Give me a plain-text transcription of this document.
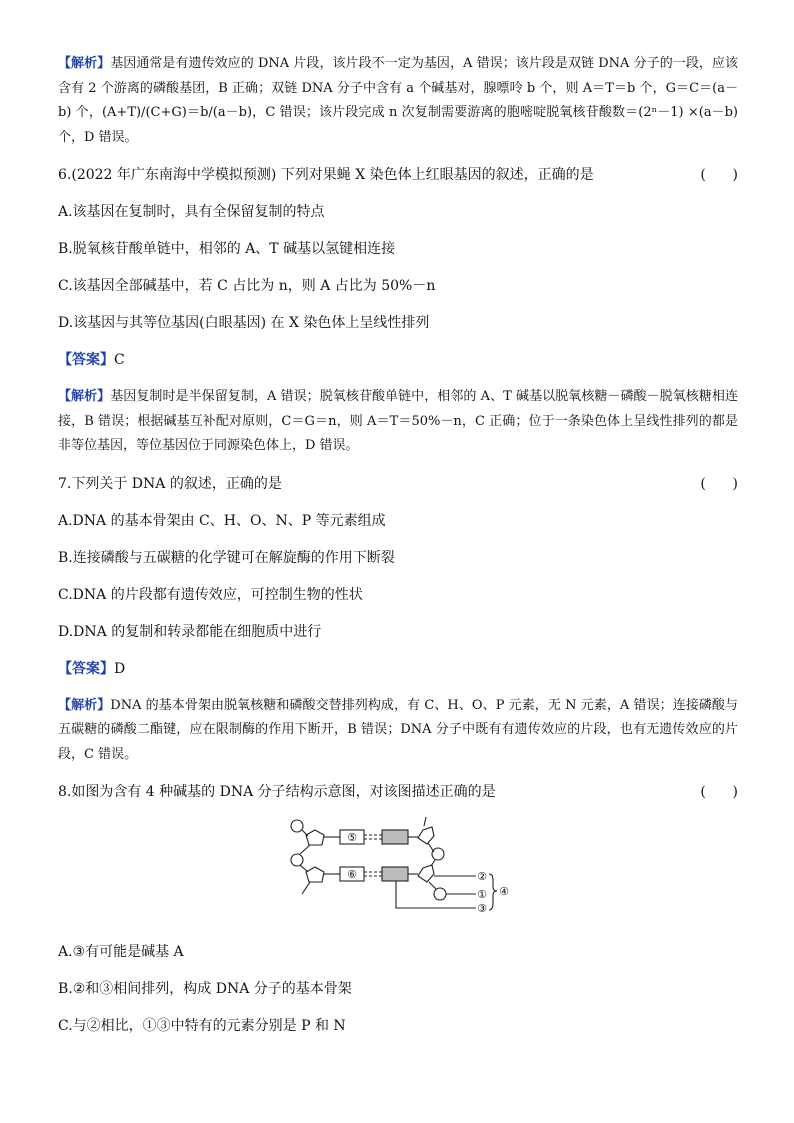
【解析】基因通常是有遗传效应的 DNA 片段，该片段不一定为基因，A 错误；该片段是双链 DNA 分子的一段，应该含有 2 个游离的磷酸基团，B 正确；双链 DNA 分子中含有 a 个碱基对，腺嘌呤 b 个，则 A＝T＝b 个，G＝C＝(a－b) 个，(A+T)/(C+G)＝b/(a－b)，C 错误；该片段完成 n 次复制需要游离的胞嘧啶脱氧核苷酸数＝(2ⁿ－1) ×(a－b) 个，D 错误。

6.(2022 年广东南海中学模拟预测) 下列对果蝇 X 染色体上红眼基因的叙述，正确的是	(      )

A.该基因在复制时，具有全保留复制的特点

B.脱氧核苷酸单链中，相邻的 A、T 碱基以氢键相连接

C.该基因全部碱基中，若 C 占比为 n，则 A 占比为 50%－n

D.该基因与其等位基因(白眼基因) 在 X 染色体上呈线性排列

【答案】C

【解析】基因复制时是半保留复制，A 错误；脱氧核苷酸单链中，相邻的 A、T 碱基以脱氧核糖－磷酸－脱氧核糖相连接，B 错误；根据碱基互补配对原则，C＝G＝n，则 A＝T＝50%－n，C 正确；位于一条染色体上呈线性排列的都是非等位基因，等位基因位于同源染色体上，D 错误。

7.下列关于 DNA 的叙述，正确的是	(      )

A.DNA 的基本骨架由 C、H、O、N、P 等元素组成

B.连接磷酸与五碳糖的化学键可在解旋酶的作用下断裂

C.DNA 的片段都有遗传效应，可控制生物的性状

D.DNA 的复制和转录都能在细胞质中进行

【答案】D

【解析】DNA 的基本骨架由脱氧核糖和磷酸交替排列构成，有 C、H、O、P 元素，无 N 元素，A 错误；连接磷酸与五碳糖的磷酸二酯键，应在限制酶的作用下断开，B 错误；DNA 分子中既有有遗传效应的片段，也有无遗传效应的片段，C 错误。

8.如图为含有 4 种碱基的 DNA 分子结构示意图，对该图描述正确的是	(      )

⑤
⑥	②
①
③
④

A.③有可能是碱基 A

B.②和③相间排列，构成 DNA 分子的基本骨架

C.与②相比，①③中特有的元素分别是 P 和 N
